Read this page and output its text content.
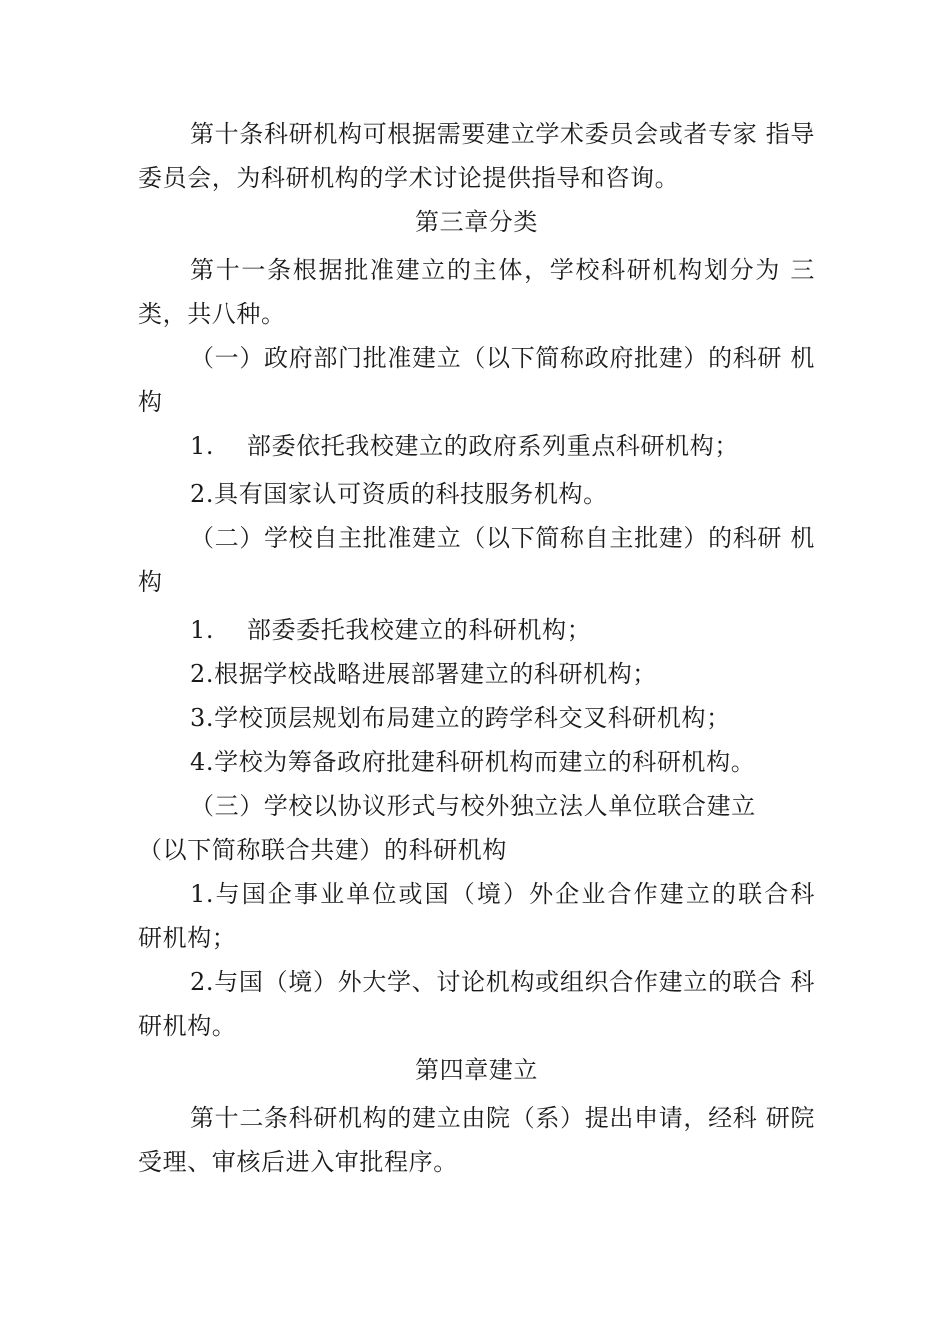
第十条科研机构可根据需要建立学术委员会或者专家 指导
委员会，为科研机构的学术讨论提供指导和咨询。
第三章分类
第十一条根据批准建立的主体，学校科研机构划分为 三
类，共八种。
（一）政府部门批准建立（以下简称政府批建）的科研 机
构
1.　 部委依托我校建立的政府系列重点科研机构；
2.具有国家认可资质的科技服务机构。
（二）学校自主批准建立（以下简称自主批建）的科研 机
构
1.　 部委委托我校建立的科研机构；
2.根据学校战略进展部署建立的科研机构；
3.学校顶层规划布局建立的跨学科交叉科研机构；
4.学校为筹备政府批建科研机构而建立的科研机构。
（三）学校以协议形式与校外独立法人单位联合建立
（以下简称联合共建）的科研机构
1.与国企事业单位或国（境）外企业合作建立的联合科
研机构；
2.与国（境）外大学、讨论机构或组织合作建立的联合 科
研机构。
第四章建立
第十二条科研机构的建立由院（系）提出申请，经科 研院
受理、审核后进入审批程序。
